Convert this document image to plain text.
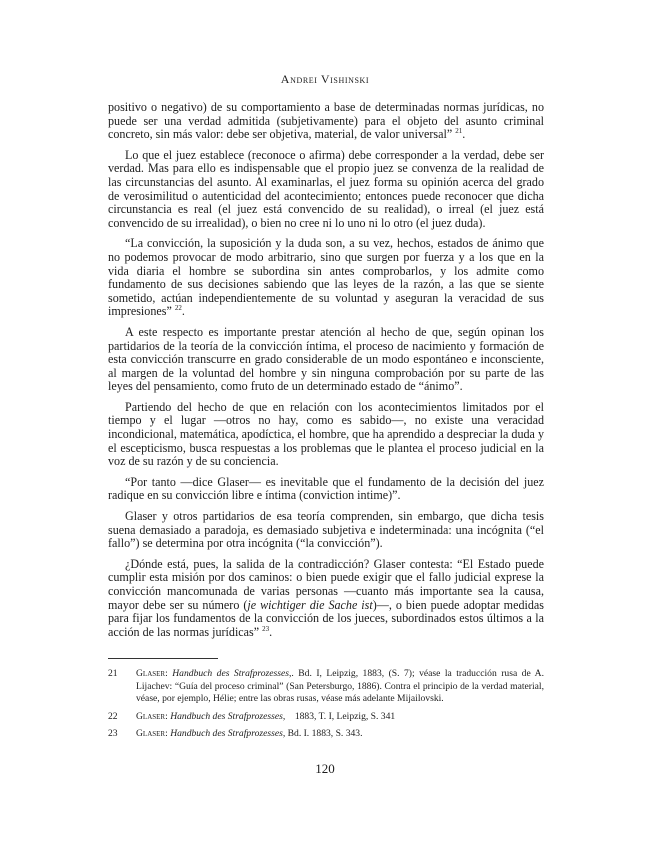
Andrei Vishinski

positivo o negativo) de su comportamiento a base de determinadas normas jurídicas, no puede ser una verdad admitida (subjetivamente) para el objeto del asunto criminal concreto, sin más valor: debe ser objetiva, material, de valor universal” $^{21}$.

Lo que el juez establece (reconoce o afirma) debe corresponder a la verdad, debe ser verdad. Mas para ello es indispensable que el propio juez se convenza de la realidad de las circunstancias del asunto. Al examinarlas, el juez forma su opinión acerca del grado de verosimilitud o autenticidad del acontecimiento; entonces puede reconocer que dicha circunstancia es real (el juez está convencido de su realidad), o irreal (el juez está convencido de su irrealidad), o bien no cree ni lo uno ni lo otro (el juez duda).

“La convicción, la suposición y la duda son, a su vez, hechos, estados de ánimo que no podemos provocar de modo arbitrario, sino que surgen por fuerza y a los que en la vida diaria el hombre se subordina sin antes comprobarlos, y los admite como fundamento de sus decisiones sabiendo que las leyes de la razón, a las que se siente sometido, actúan independientemente de su voluntad y aseguran la veracidad de sus impresiones” $^{22}$.

A este respecto es importante prestar atención al hecho de que, según opinan los partidarios de la teoría de la convicción íntima, el proceso de nacimiento y formación de esta convicción transcurre en grado considerable de un modo espontáneo e inconsciente, al margen de la voluntad del hombre y sin ninguna comprobación por su parte de las leyes del pensamiento, como fruto de un determinado estado de “ánimo”.

Partiendo del hecho de que en relación con los acontecimientos limitados por el tiempo y el lugar —otros no hay, como es sabido—, no existe una veracidad incondicional, matemática, apodíctica, el hombre, que ha aprendido a despreciar la duda y el escepticismo, busca respuestas a los problemas que le plantea el proceso judicial en la voz de su razón y de su conciencia.

“Por tanto —dice Glaser— es inevitable que el fundamento de la decisión del juez radique en su convicción libre e íntima (conviction intime)”.

Glaser y otros partidarios de esa teoría comprenden, sin embargo, que dicha tesis suena demasiado a paradoja, es demasiado subjetiva e indeterminada: una incógnita (“el fallo”) se determina por otra incógnita (“la convicción”).

¿Dónde está, pues, la salida de la contradicción? Glaser contesta: “El Estado puede cumplir esta misión por dos caminos: o bien puede exigir que el fallo judicial exprese la convicción mancomunada de varias personas —cuanto más importante sea la causa, mayor debe ser su número (je wichtiger die Sache ist)—, o bien puede adoptar medidas para fijar los fundamentos de la convicción de los jueces, subordinados estos últimos a la acción de las normas jurídicas” $^{23}$.

21	Glaser: Handbuch des Strafprozesses,. Bd. I, Leipzig, 1883, (S. 7); véase la traducción rusa de A. Lijachev: “Guía del proceso criminal” (San Petersburgo, 1886). Contra el principio de la verdad material, véase, por ejemplo, Hélie; entre las obras rusas, véase más adelante Mijailovski.
22	Glaser: Handbuch des Strafprozesses,    1883, T. I, Leipzig, S. 341
23	Glaser: Handbuch des Strafprozesses, Bd. I. 1883, S. 343.
120
